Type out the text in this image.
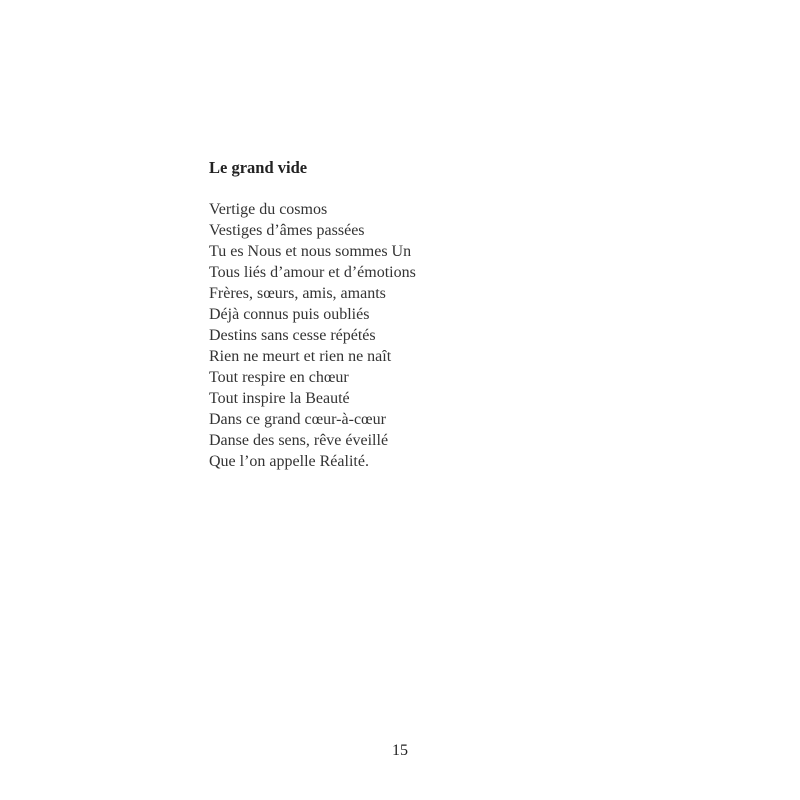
Le grand vide
Vertige du cosmos
Vestiges d’âmes passées
Tu es Nous et nous sommes Un
Tous liés d’amour et d’émotions
Frères, sœurs, amis, amants
Déjà connus puis oubliés
Destins sans cesse répétés
Rien ne meurt et rien ne naît
Tout respire en chœur
Tout inspire la Beauté
Dans ce grand cœur-à-cœur
Danse des sens, rêve éveillé
Que l’on appelle Réalité.
15
